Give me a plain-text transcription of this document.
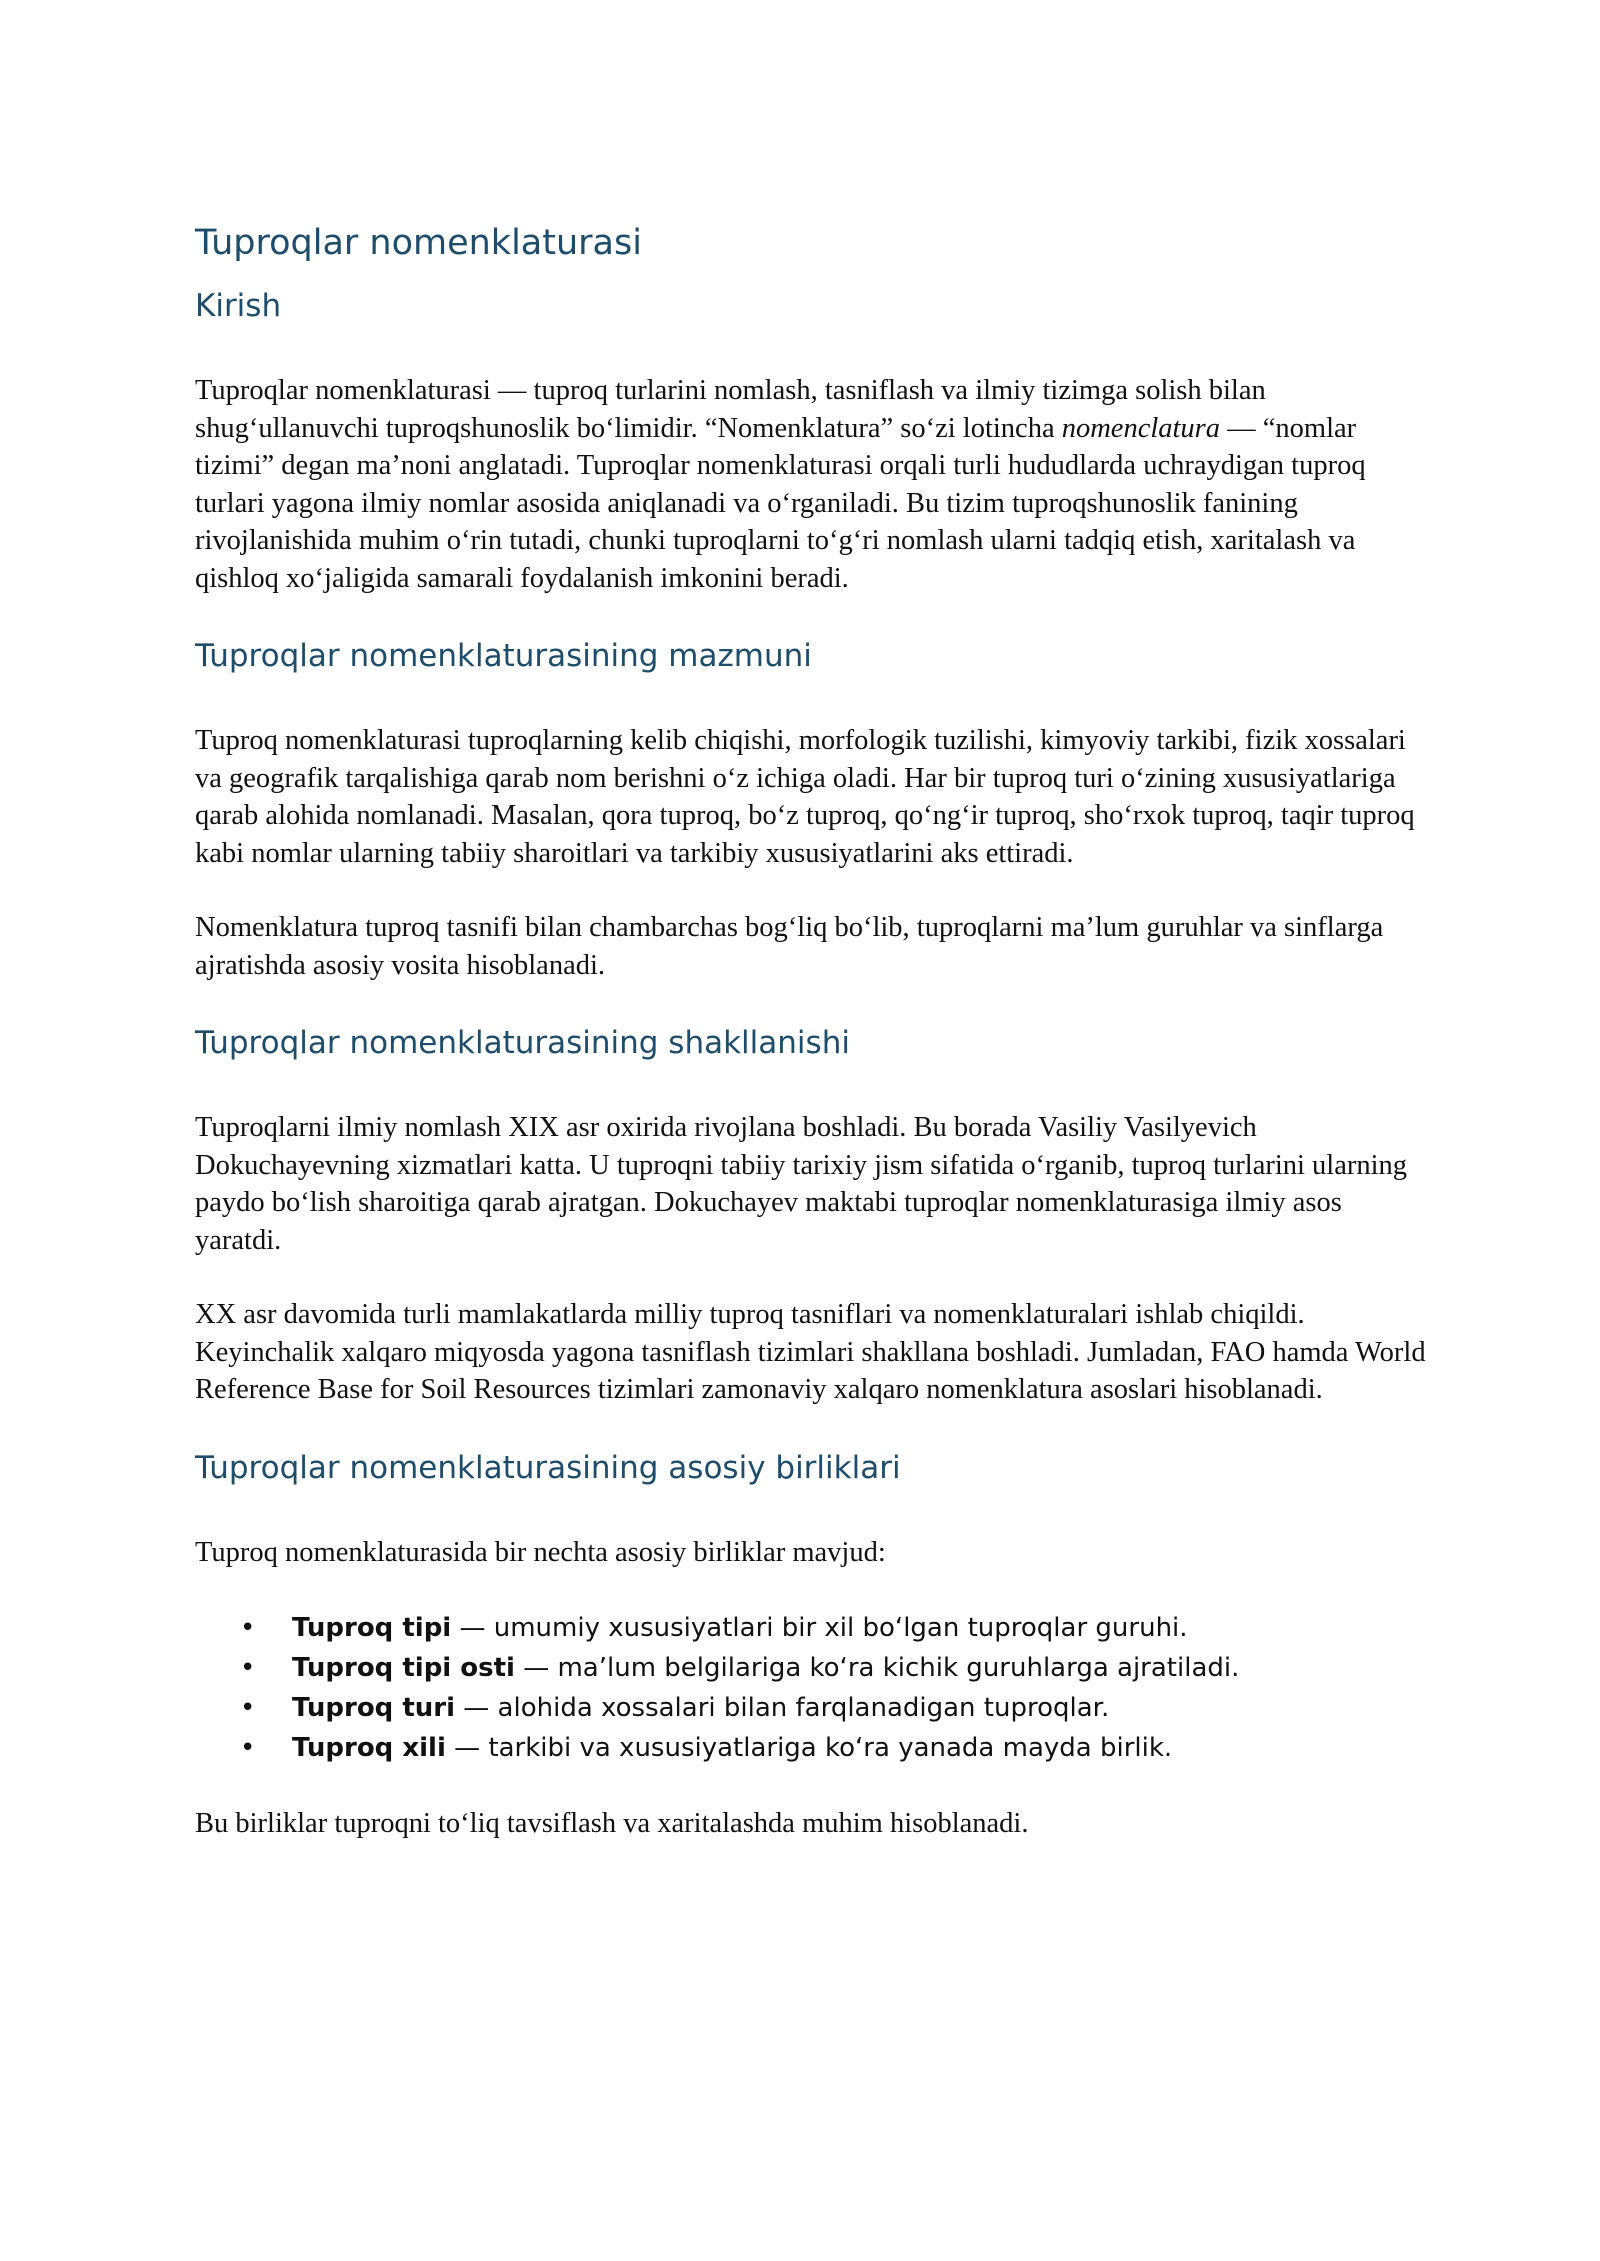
Tuproqlar nomenklaturasi
Kirish

Tuproqlar nomenklaturasi — tuproq turlarini nomlash, tasniflash va ilmiy tizimga solish bilan shug‘ullanuvchi tuproqshunoslik bo‘limidir. “Nomenklatura” so‘zi lotincha nomenclatura — “nomlar tizimi” degan ma’noni anglatadi. Tuproqlar nomenklaturasi orqali turli hududlarda uchraydigan tuproq turlari yagona ilmiy nomlar asosida aniqlanadi va o‘rganiladi. Bu tizim tuproqshunoslik fanining rivojlanishida muhim o‘rin tutadi, chunki tuproqlarni to‘g‘ri nomlash ularni tadqiq etish, xaritalash va qishloq xo‘jaligida samarali foydalanish imkonini beradi.

Tuproqlar nomenklaturasining mazmuni

Tuproq nomenklaturasi tuproqlarning kelib chiqishi, morfologik tuzilishi, kimyoviy tarkibi, fizik xossalari va geografik tarqalishiga qarab nom berishni o‘z ichiga oladi. Har bir tuproq turi o‘zining xususiyatlariga qarab alohida nomlanadi. Masalan, qora tuproq, bo‘z tuproq, qo‘ng‘ir tuproq, sho‘rxok tuproq, taqir tuproq kabi nomlar ularning tabiiy sharoitlari va tarkibiy xususiyatlarini aks ettiradi.

Nomenklatura tuproq tasnifi bilan chambarchas bog‘liq bo‘lib, tuproqlarni ma’lum guruhlar va sinflarga ajratishda asosiy vosita hisoblanadi.

Tuproqlar nomenklaturasining shakllanishi

Tuproqlarni ilmiy nomlash XIX asr oxirida rivojlana boshladi. Bu borada Vasiliy Vasilyevich Dokuchayevning xizmatlari katta. U tuproqni tabiiy tarixiy jism sifatida o‘rganib, tuproq turlarini ularning paydo bo‘lish sharoitiga qarab ajratgan. Dokuchayev maktabi tuproqlar nomenklaturasiga ilmiy asos yaratdi.

XX asr davomida turli mamlakatlarda milliy tuproq tasniflari va nomenklaturalari ishlab chiqildi. Keyinchalik xalqaro miqyosda yagona tasniflash tizimlari shakllana boshladi. Jumladan, FAO hamda World Reference Base for Soil Resources tizimlari zamonaviy xalqaro nomenklatura asoslari hisoblanadi.

Tuproqlar nomenklaturasining asosiy birliklari

Tuproq nomenklaturasida bir nechta asosiy birliklar mavjud:

• Tuproq tipi — umumiy xususiyatlari bir xil bo‘lgan tuproqlar guruhi.
• Tuproq tipi osti — ma’lum belgilariga ko‘ra kichik guruhlarga ajratiladi.
• Tuproq turi — alohida xossalari bilan farqlanadigan tuproqlar.
• Tuproq xili — tarkibi va xususiyatlariga ko‘ra yanada mayda birlik.

Bu birliklar tuproqni to‘liq tavsiflash va xaritalashda muhim hisoblanadi.
